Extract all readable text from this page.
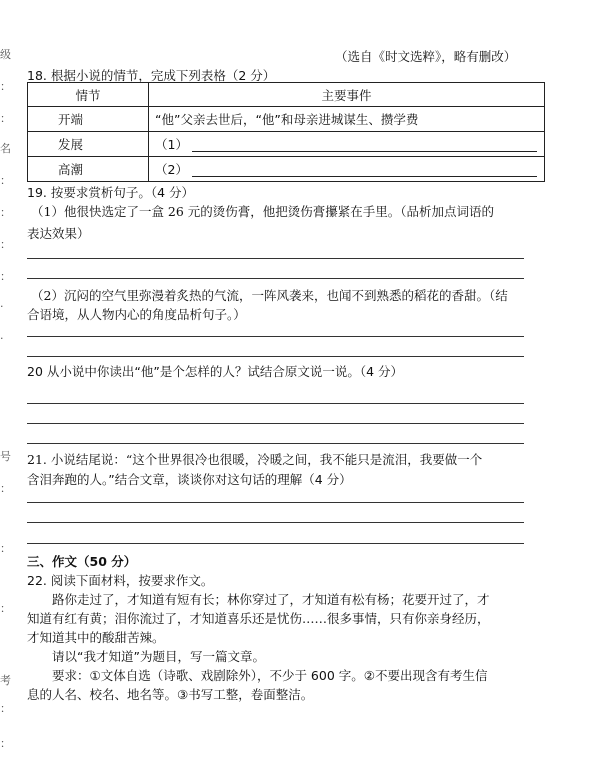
级
：
：
名
：
：
：
：
·
·
号
：
：
：
考
：
：
（选自《时文选粹》，略有删改）
18. 根据小说的情节，完成下列表格（2 分）
情节	主要事件
开端	“他”父亲去世后，“他”和母亲进城谋生、攒学费
发展	（1）
高潮	（2）
19. 按要求赏析句子。（4 分）
（1）他很快选定了一盒 26 元的烫伤膏，他把烫伤膏攥紧在手里。（品析加点词语的
表达效果）
（2）沉闷的空气里弥漫着炙热的气流，一阵风袭来，也闻不到熟悉的稻花的香甜。（结
合语境，从人物内心的角度品析句子。）
20 从小说中你读出“他”是个怎样的人？试结合原文说一说。（4 分）
21. 小说结尾说：“这个世界很冷也很暖，冷暖之间，我不能只是流泪，我要做一个
含泪奔跑的人。”结合文章，谈谈你对这句话的理解（4 分）
三、作文（50 分）
22. 阅读下面材料，按要求作文。
路你走过了，才知道有短有长；林你穿过了，才知道有松有杨；花要开过了，才
知道有红有黄；泪你流过了，才知道喜乐还是忧伤……很多事情，只有你亲身经历，
才知道其中的酸甜苦辣。
请以“我才知道”为题目，写一篇文章。
要求：①文体自选（诗歌、戏剧除外），不少于 600 字。②不要出现含有考生信
息的人名、校名、地名等。③书写工整，卷面整洁。
